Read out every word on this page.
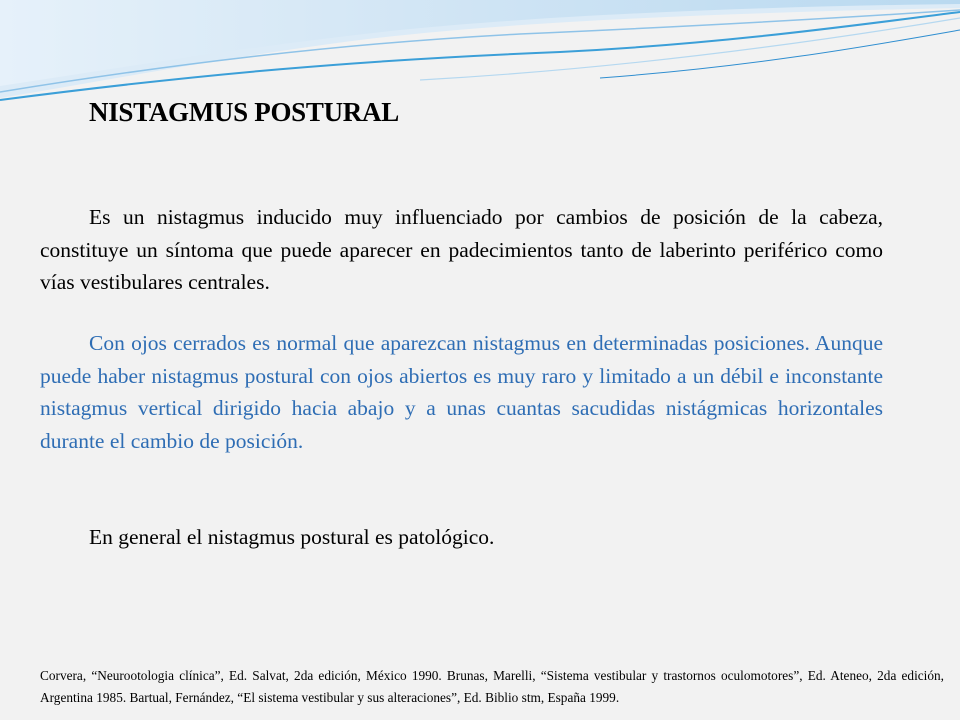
NISTAGMUS POSTURAL

Es un nistagmus inducido muy influenciado por cambios de posición de la cabeza, constituye un síntoma que puede aparecer en padecimientos tanto de laberinto periférico como vías vestibulares centrales.

Con ojos cerrados es normal que aparezcan nistagmus en determinadas posiciones. Aunque puede haber nistagmus postural con ojos abiertos es muy raro y limitado a un débil e inconstante nistagmus vertical dirigido hacia abajo y a unas cuantas sacudidas nistágmicas horizontales durante el cambio de posición.

En general el nistagmus postural es patológico.

Corvera, “Neurootologia clínica”, Ed. Salvat, 2da edición, México 1990. Brunas, Marelli, “Sistema vestibular y trastornos oculomotores”, Ed. Ateneo, 2da edición, Argentina 1985. Bartual, Fernández, “El sistema vestibular y sus alteraciones”, Ed. Biblio stm, España 1999.
